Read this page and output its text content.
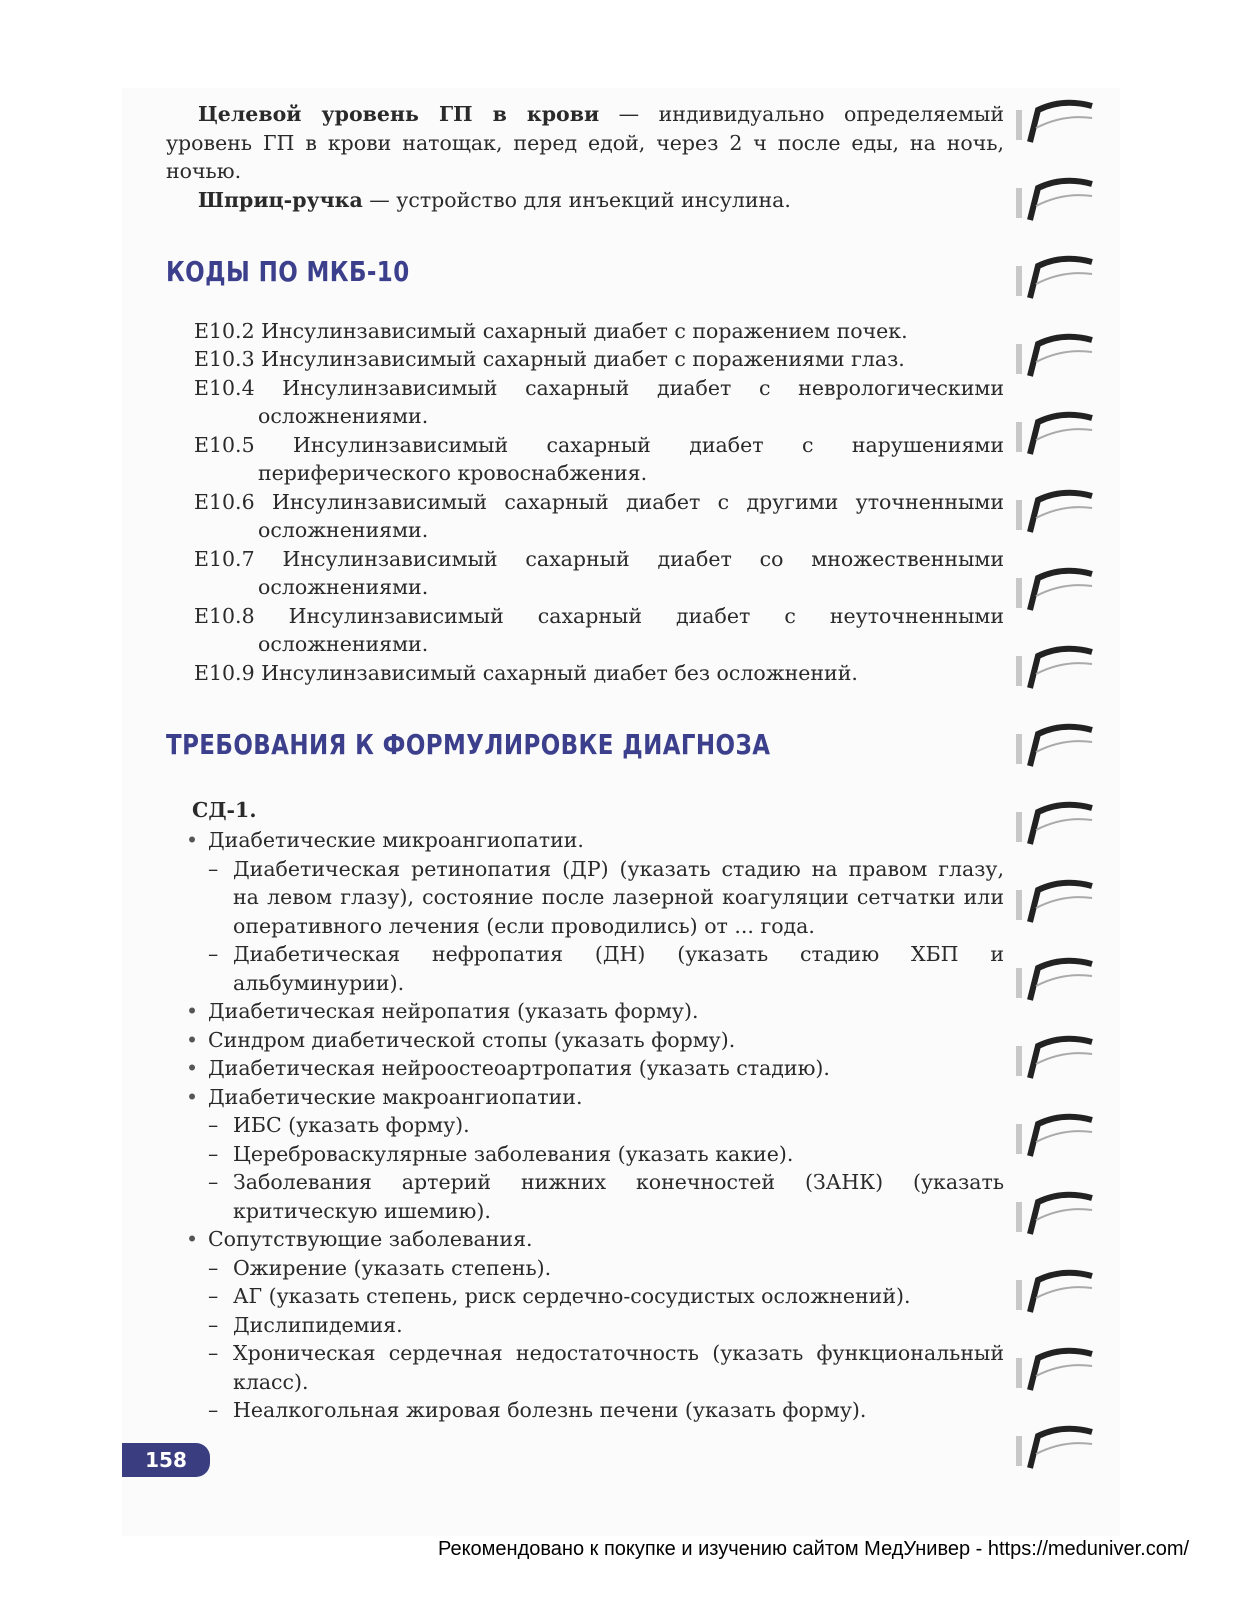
Целевой уровень ГП в крови — индивидуально определяемый уровень ГП в крови натощак, перед едой, через 2 ч после еды, на ночь, ночью.

Шприц-ручка — устройство для инъекций инсулина.

КОДЫ ПО МКБ-10
E10.2 Инсулинзависимый сахарный диабет с поражением почек.
E10.3 Инсулинзависимый сахарный диабет с поражениями глаз.
E10.4 Инсулинзависимый сахарный диабет с неврологическими осложнениями.
E10.5 Инсулинзависимый сахарный диабет с нарушениями периферического кровоснабжения.
E10.6 Инсулинзависимый сахарный диабет с другими уточненными осложнениями.
E10.7 Инсулинзависимый сахарный диабет со множественными осложнениями.
E10.8 Инсулинзависимый сахарный диабет с неуточненными осложнениями.
E10.9 Инсулинзависимый сахарный диабет без осложнений.
ТРЕБОВАНИЯ К ФОРМУЛИРОВКЕ ДИАГНОЗА
СД-1.
• Диабетические микроангиопатии.
– Диабетическая ретинопатия (ДР) (указать стадию на правом глазу, на левом глазу), состояние после лазерной коагуляции сетчатки или оперативного лечения (если проводились) от ... года.
– Диабетическая нефропатия (ДН) (указать стадию ХБП и альбуминурии).
• Диабетическая нейропатия (указать форму).
• Синдром диабетической стопы (указать форму).
• Диабетическая нейроостеоартропатия (указать стадию).
• Диабетические макроангиопатии.
– ИБС (указать форму).
– Цереброваскулярные заболевания (указать какие).
– Заболевания артерий нижних конечностей (ЗАНК) (указать критическую ишемию).
• Сопутствующие заболевания.
– Ожирение (указать степень).
– АГ (указать степень, риск сердечно-сосудистых осложнений).
– Дислипидемия.
– Хроническая сердечная недостаточность (указать функциональный класс).
– Неалкогольная жировая болезнь печени (указать форму).
158
Рекомендовано к покупке и изучению сайтом МедУнивер - https://meduniver.com/
